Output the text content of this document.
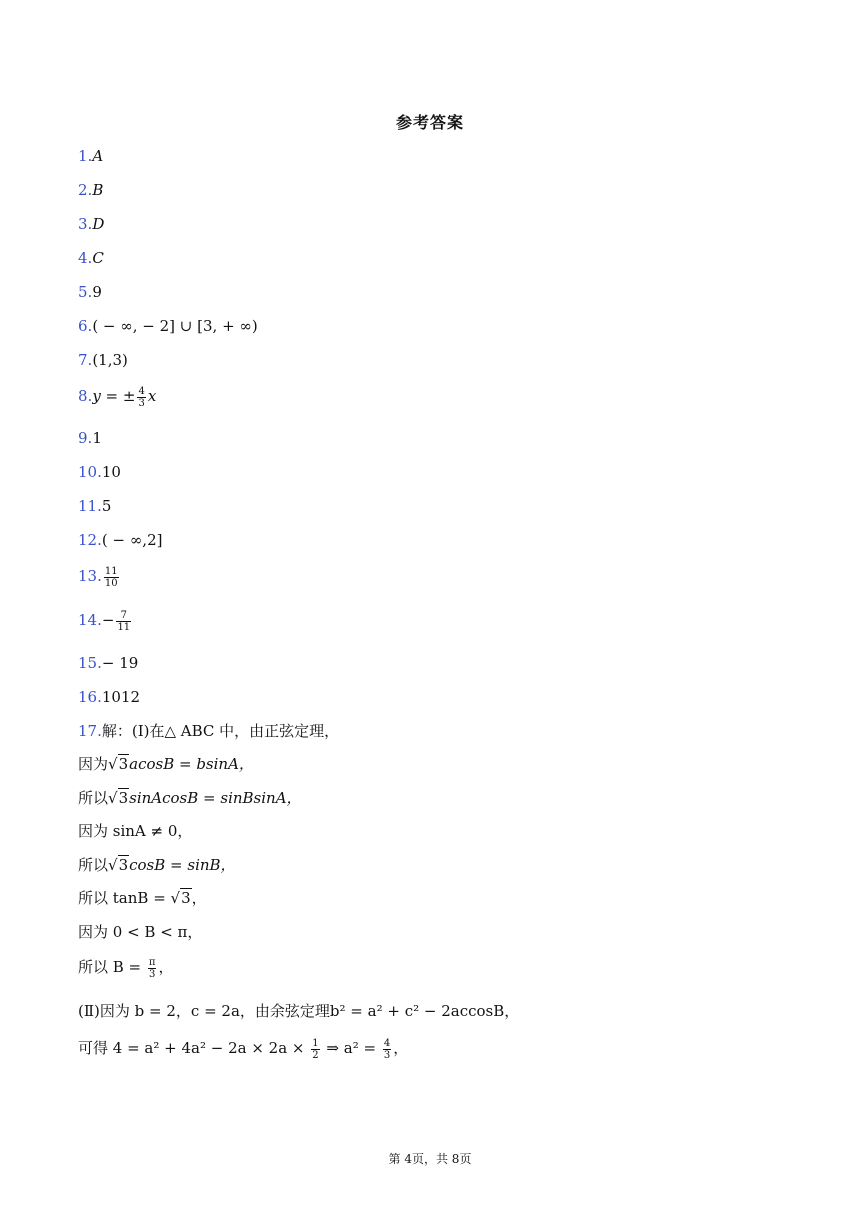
参考答案
1.A
2.B
3.D
4.C
5.9
6.( − ∞, − 2] ∪ [3, + ∞)
7.(1,3)
8.y = ± $\frac{4}{3}$ x
9.1
10.10
11.5
12.( − ∞,2]
13. $\frac{11}{10}$
$14.- \frac{7}{11}$
15.− 19
16.1012
17.解：(Ⅰ)在△ ABC 中，由正弦定理，
因为√3acosB = bsinA，
所以√3sinAcosB = sinBsinA，
因为 sinA ≠ 0，
所以√3cosB = sinB，
所以 tanB = √3，
因为 0 < B < π，
所以 $B = \frac{\pi}{3}$ ，
(Ⅱ)因为 b = 2，c = 2a，由余弦定理b² = a² + c² − 2accosB，
可得 $4 = a^2 + 4a^2 - 2a \times 2a \times \frac{1}{2}$ ⇒ $a^2 = \frac{4}{3}$ ，
第 4页，共 8页
